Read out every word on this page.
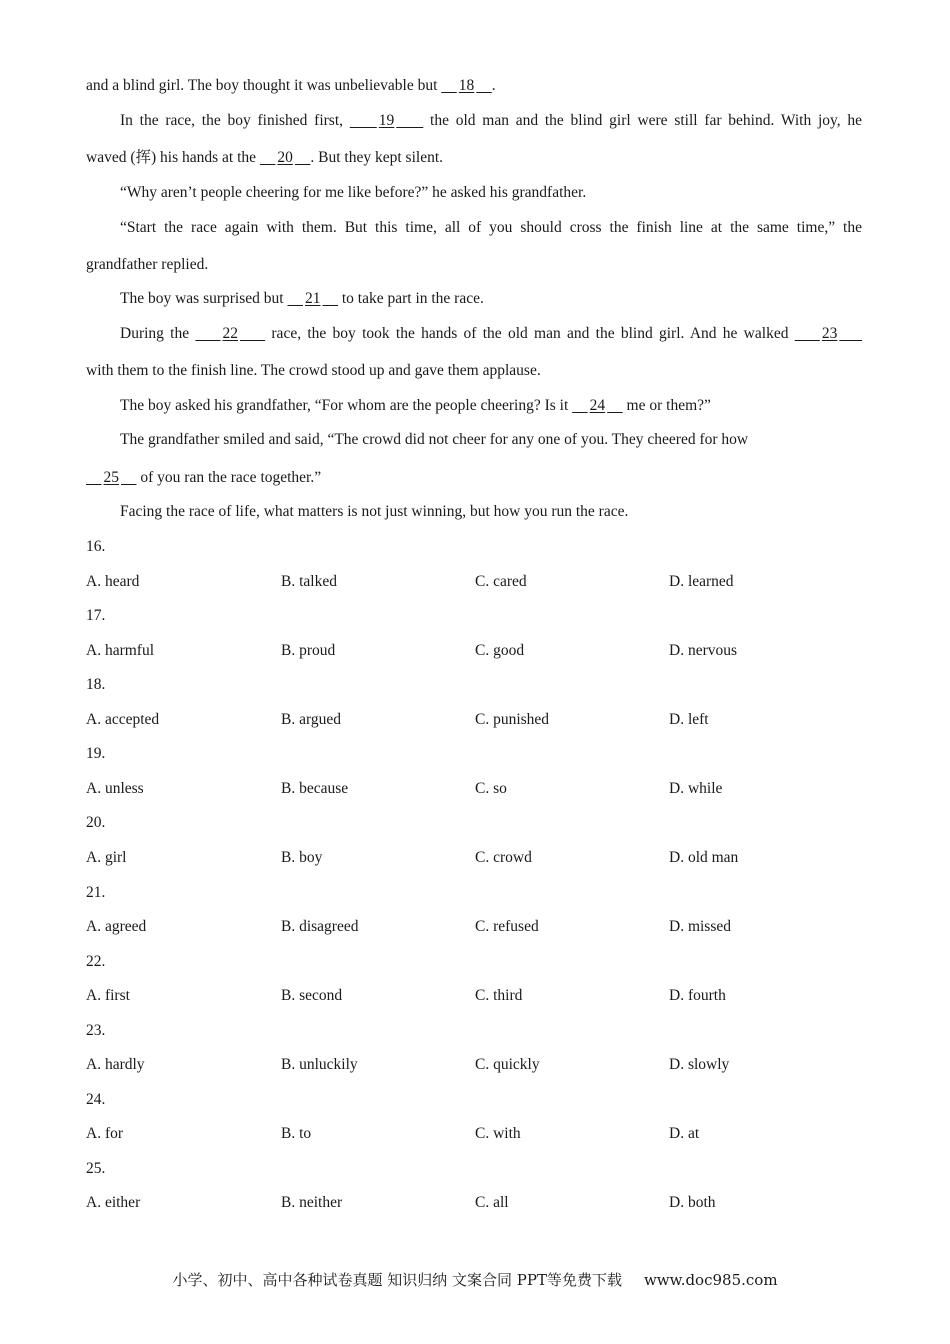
and a blind girl. The boy thought it was unbelievable but     18 .
In the race, the boy finished first,     19     the old man and the blind girl were still far behind. With joy, he
waved (挥) his hands at the     20 . But they kept silent.
“Why aren’t people cheering for me like before?” he asked his grandfather.
“Start the race again with them. But this time, all of you should cross the finish line at the same time,” the
grandfather replied.
The boy was surprised but     21     to take part in the race.
During the     22     race, the boy took the hands of the old man and the blind girl. And he walked     23
with them to the finish line. The crowd stood up and gave them applause.
The boy asked his grandfather, “For whom are the people cheering? Is it     24     me or them?”
The grandfather smiled and said, “The crowd did not cheer for any one of you. They cheered for how
25     of you ran the race together.”
Facing the race of life, what matters is not just winning, but how you run the race.
16.
A. heard	B. talked	C. cared	D. learned
17.
A. harmful	B. proud	C. good	D. nervous
18.
A. accepted	B. argued	C. punished	D. left
19.
A. unless	B. because	C. so	D. while
20.
A. girl	B. boy	C. crowd	D. old man
21.
A. agreed	B. disagreed	C. refused	D. missed
22.
A. first	B. second	C. third	D. fourth
23.
A. hardly	B. unluckily	C. quickly	D. slowly
24.
A. for	B. to	C. with	D. at
25.
A. either	B. neither	C. all	D. both
小学、初中、高中各种试卷真题 知识归纳 文案合同 PPT等免费下载 www.doc985.com
